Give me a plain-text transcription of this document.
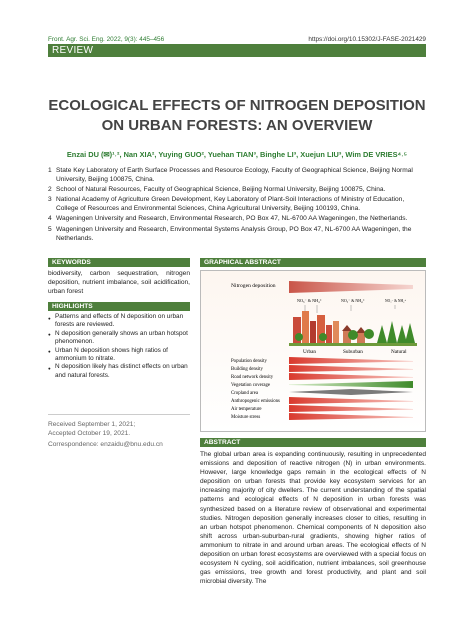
Front. Agr. Sci. Eng. 2022, 9(3): 445–456	https://doi.org/10.15302/J-FASE-2021429
REVIEW
ECOLOGICAL EFFECTS OF NITROGEN DEPOSITION ON URBAN FORESTS: AN OVERVIEW
Enzai DU (✉)¹˒², Nan XIA², Yuying GUO², Yuehan TIAN³, Binghe LI³, Xuejun LIU³, Wim DE VRIES⁴˒⁵
1 State Key Laboratory of Earth Surface Processes and Resource Ecology, Faculty of Geographical Science, Beijing Normal University, Beijing 100875, China.
2 School of Natural Resources, Faculty of Geographical Science, Beijing Normal University, Beijing 100875, China.
3 National Academy of Agriculture Green Development, Key Laboratory of Plant-Soil Interactions of Ministry of Education, College of Resources and Environmental Sciences, China Agricultural University, Beijing 100193, China.
4 Wageningen University and Research, Environmental Research, PO Box 47, NL-6700 AA Wageningen, the Netherlands.
5 Wageningen University and Research, Environmental Systems Analysis Group, PO Box 47, NL-6700 AA Wageningen, the Netherlands.
KEYWORDS
biodiversity, carbon sequestration, nitrogen deposition, nutrient imbalance, soil acidification, urban forest
HIGHLIGHTS
● Patterns and effects of N deposition on urban forests are reviewed.
● N deposition generally shows an urban hotspot phenomenon.
● Urban N deposition shows high ratios of ammonium to nitrate.
● N deposition likely has distinct effects on urban and natural forests.
Received September 1, 2021;
Accepted October 19, 2021.
Correspondence: enzaidu@bnu.edu.cn
GRAPHICAL ABSTRACT
Nitrogen deposition
NO₃⁻ & NH₄⁺	NO₃⁻ & NH₄⁺	NO₃⁻ & NH₄⁺
Urban	Suburban	Natural
Population density
Building density
Road network density
Vegetation coverage
Cropland area
Anthropogenic emissions
Air temperature
Moisture stress
ABSTRACT
The global urban area is expanding continuously, resulting in unprecedented emissions and deposition of reactive nitrogen (N) in urban environments. However, large knowledge gaps remain in the ecological effects of N deposition on urban forests that provide key ecosystem services for an increasing majority of city dwellers. The current understanding of the spatial patterns and ecological effects of N deposition in urban forests was synthesized based on a literature review of observational and experimental studies. Nitrogen deposition generally increases closer to cities, resulting in an urban hotspot phenomenon. Chemical components of N deposition also shift across urban-suburban-rural gradients, showing higher ratios of ammonium to nitrate in and around urban areas. The ecological effects of N deposition on urban forest ecosystems are overviewed with a special focus on ecosystem N cycling, soil acidification, nutrient imbalances, soil greenhouse gas emissions, tree growth and forest productivity, and plant and soil microbial diversity. The
